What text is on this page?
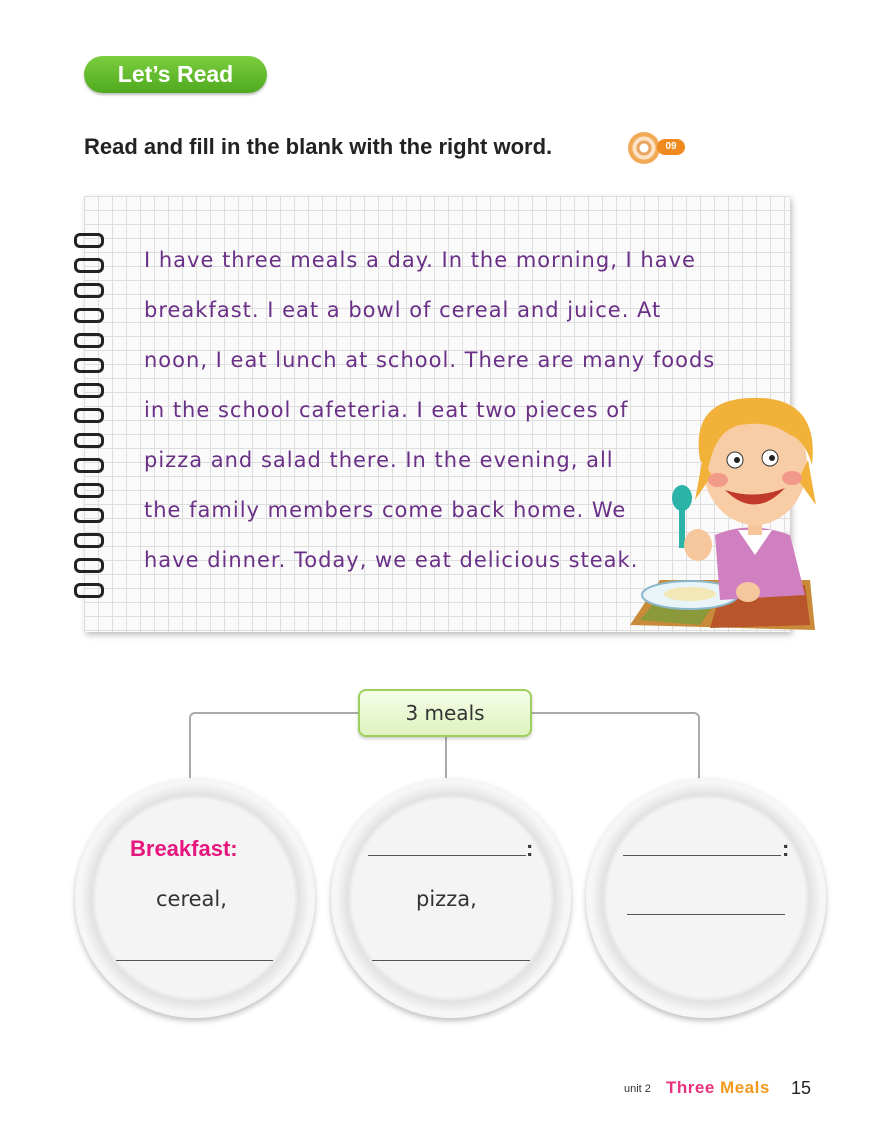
Let’s Read
Read and fill in the blank with the right word.	09
I have three meals a day. In the morning, I have
breakfast. I eat a bowl of cereal and juice. At
noon, I eat lunch at school. There are many foods
in the school cafeteria. I eat two pieces of
pizza and salad there. In the evening, all
the family members come back home. We
have dinner. Today, we eat delicious steak.
3 meals
Breakfast:
cereal,
:
pizza,
:
unit 2 Three Meals 15
